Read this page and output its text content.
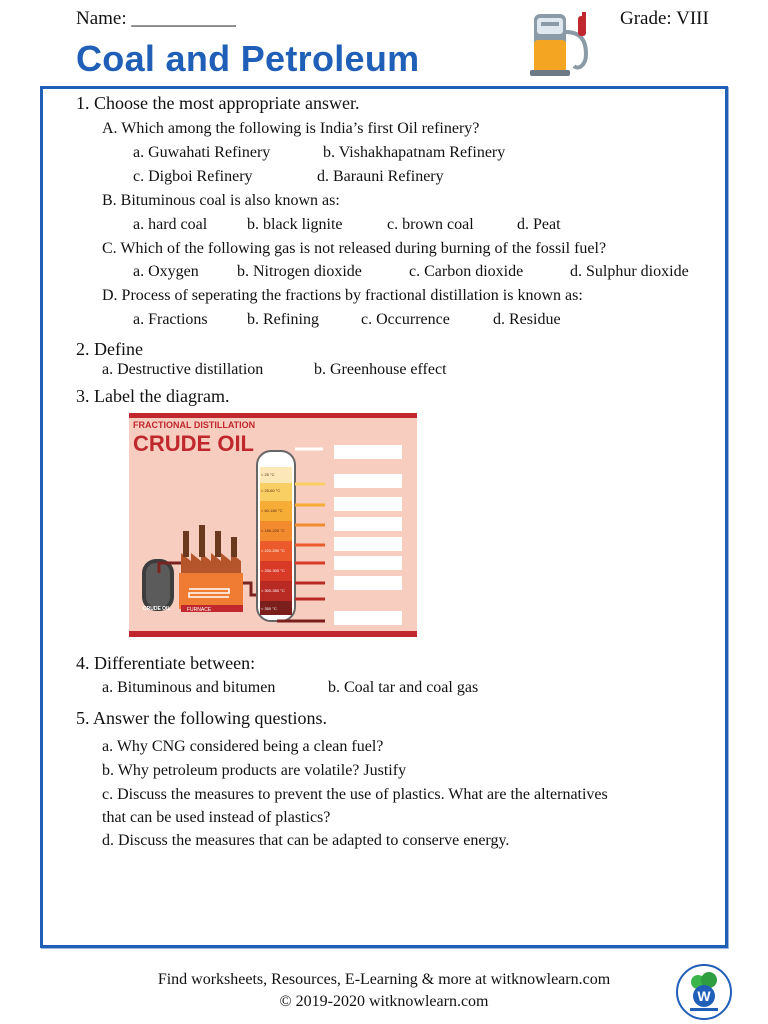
Name: ___________	Grade: VIII
Coal and Petroleum
1. Choose the most appropriate answer.
A. Which among the following is India’s first Oil refinery?
a. Guwahati Refinery	b. Vishakhapatnam Refinery
c. Digboi Refinery	d. Barauni Refinery
B. Bituminous coal is also known as:
a. hard coal b. black lignite	c. brown coal	d. Peat
C. Which of the following gas is not released during burning of the fossil fuel?
a. Oxygen b. Nitrogen dioxide	c. Carbon dioxide	d. Sulphur dioxide
D. Process of seperating the fractions by fractional distillation is known as:
a. Fractions b. Refining	c. Occurrence	d. Residue
2. Define
a. Destructive distillation	b. Greenhouse effect
3. Label the diagram.
FRACTIONAL DISTILLATION
CRUDE OIL
CRUDE OIL	FURNACE
< 25 °C
< 25-60 °C
< 60-180 °C
< 180-220 °C
< 220-250 °C
< 250-300 °C
< 300-350 °C
< 350 °C
4. Differentiate between:
a. Bituminous and bitumen	b. Coal tar and coal gas
5. Answer the following questions.
a. Why CNG considered being a clean fuel?
b. Why petroleum products are volatile? Justify
c. Discuss the measures to prevent the use of plastics. What are the alternatives
that can be used instead of plastics?
d. Discuss the measures that can be adapted to conserve energy.
Find worksheets, Resources, E-Learning & more at witknowlearn.com
© 2019-2020 witknowlearn.com	W
